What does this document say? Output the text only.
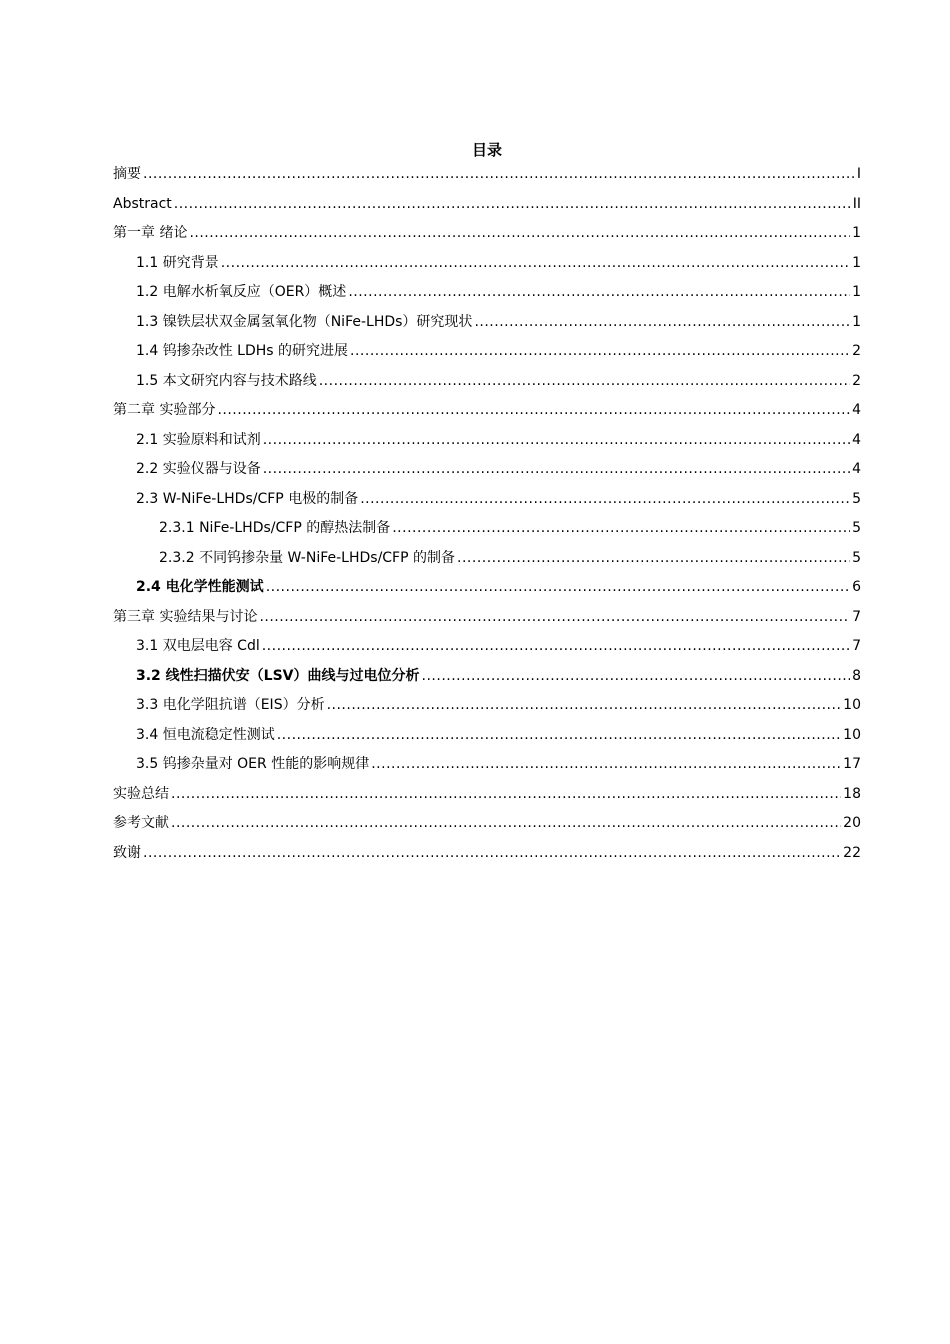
目录
摘要 .....	I
Abstract .....	II
第一章 绪论 .....	1
1.1 研究背景 .....	1
1.2 电解水析氧反应（OER）概述 .....	1
1.3 镍铁层状双金属氢氧化物（NiFe-LHDs）研究现状 .....	1
1.4 钨掺杂改性 LDHs 的研究进展 .....	2
1.5 本文研究内容与技术路线 .....	2
第二章 实验部分 .....	4
2.1 实验原料和试剂 .....	4
2.2 实验仪器与设备 .....	4
2.3 W-NiFe-LHDs/CFP 电极的制备 .....	5
2.3.1 NiFe-LHDs/CFP 的醇热法制备 .....	5
2.3.2 不同钨掺杂量 W-NiFe-LHDs/CFP 的制备 .....	5
2.4 电化学性能测试 .....	6
第三章 实验结果与讨论 .....	7
3.1 双电层电容 Cdl .....	7
3.2 线性扫描伏安（LSV）曲线与过电位分析 .....	8
3.3 电化学阻抗谱（EIS）分析 .....	10
3.4 恒电流稳定性测试 .....	10
3.5 钨掺杂量对 OER 性能的影响规律 .....	17
实验总结 .....	18
参考文献 .....	20
致谢 .....	22
